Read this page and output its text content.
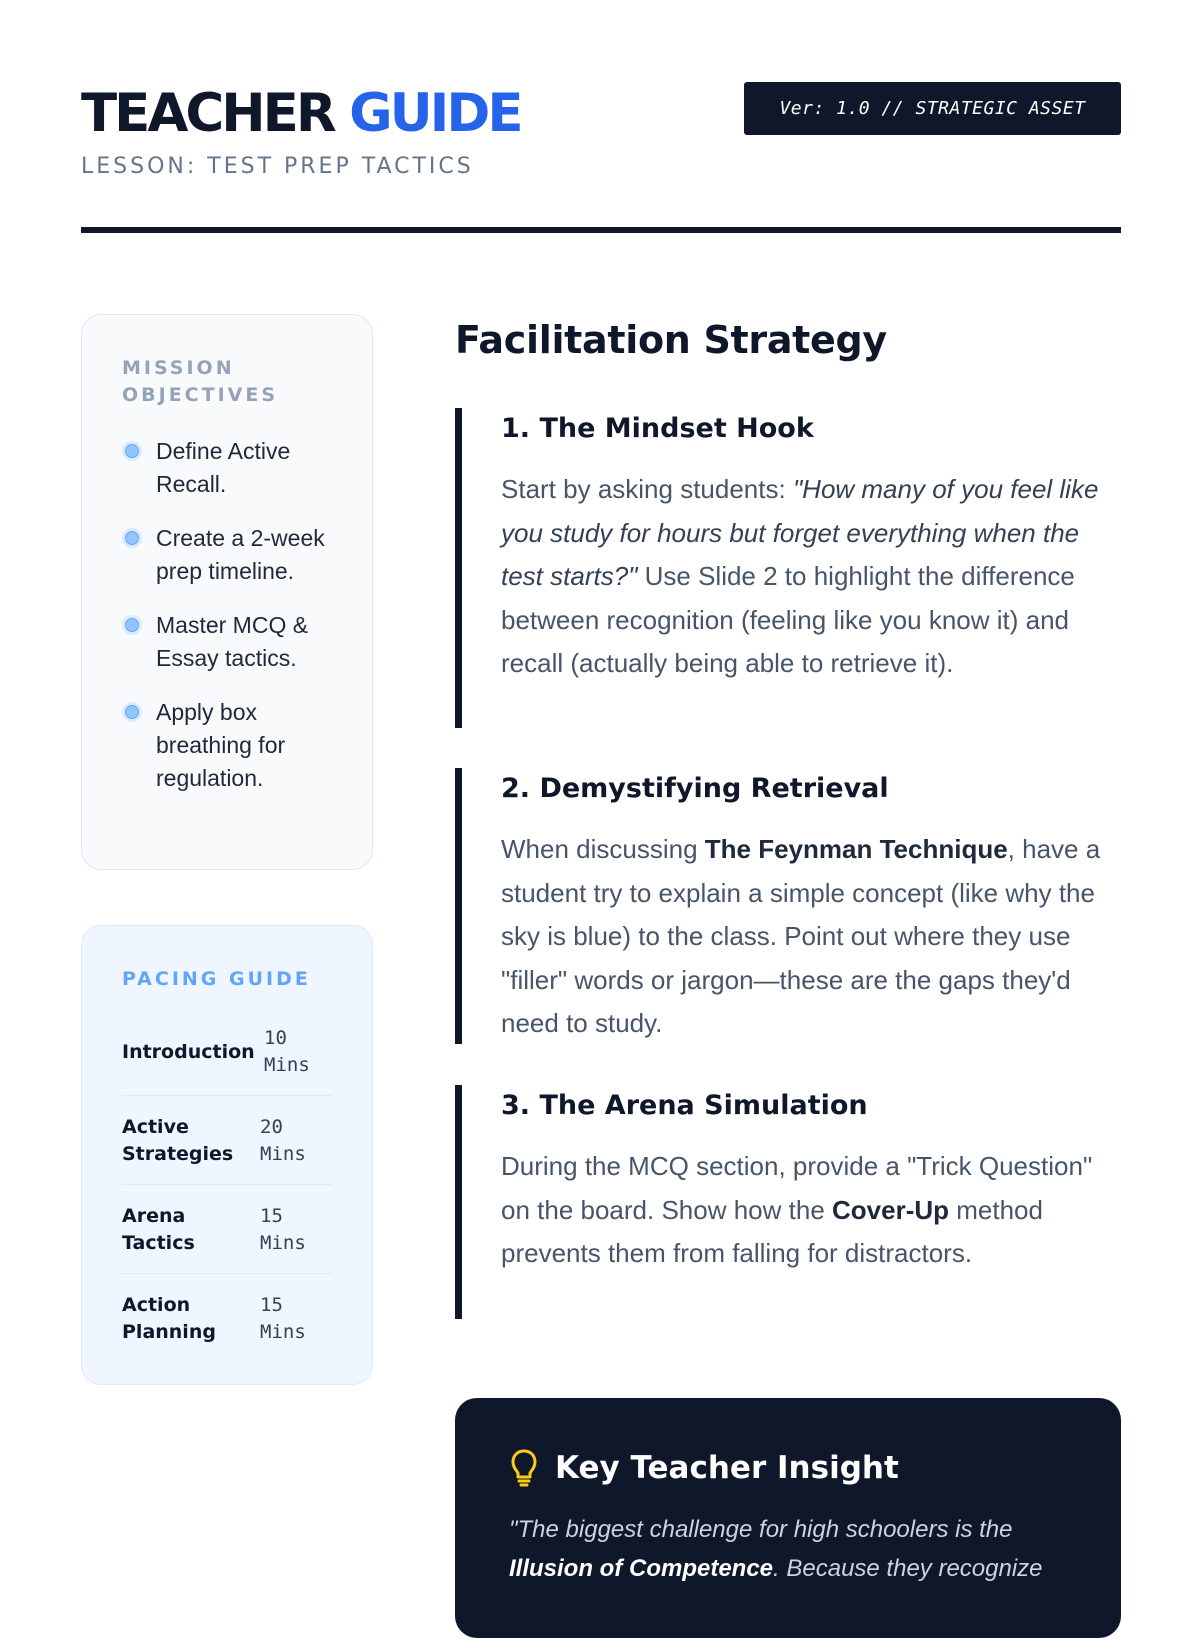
TEACHER GUIDE

LESSON: TEST PREP TACTICS

Ver: 1.0 // STRATEGIC ASSET
MISSION OBJECTIVES
Define Active Recall.
Create a 2-week prep timeline.
Master MCQ & Essay tactics.
Apply box breathing for regulation.
PACING GUIDE
Introduction
10 Mins
Active Strategies
20 Mins
Arena Tactics
15 Mins
Action Planning
15 Mins
Facilitation Strategy
1. The Mindset Hook

Start by asking students: "How many of you feel like you study for hours but forget everything when the test starts?" Use Slide 2 to highlight the difference between recognition (feeling like you know it) and recall (actually being able to retrieve it).

2. Demystifying Retrieval

When discussing The Feynman Technique, have a student try to explain a simple concept (like why the sky is blue) to the class. Point out where they use "filler" words or jargon—these are the gaps they'd need to study.

3. The Arena Simulation

During the MCQ section, provide a "Trick Question" on the board. Show how the Cover-Up method prevents them from falling for distractors.

Key Teacher Insight

"The biggest challenge for high schoolers is the Illusion of Competence. Because they recognize
